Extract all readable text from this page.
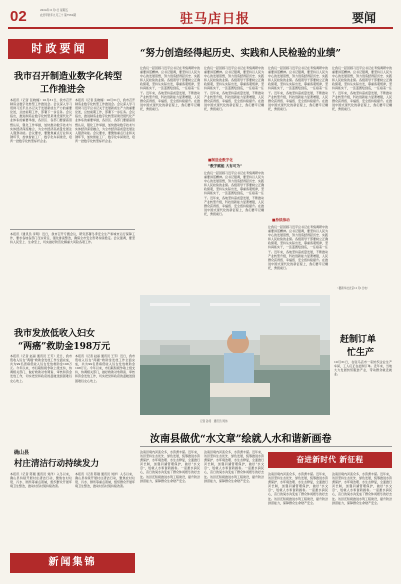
02	2024年11月1日 星期五
农历甲辰年九月三十 第7562期	驻马店日报	要闻
时 政 要 闻	“努力创造经得起历史、实践和人民检验的业绩”
我市召开制造业数字化转型
工作推进会
本报讯（记者 张晓楠）10月31日，我市召开制造业数字化转型工作推进会。会议深入学习贯彻习近平总书记关于发展新质生产力的重要论述，总结前期工作，部署下一步任务。会议指出，推进制造业数字化转型是建设现代化产业体系的重要举措，各县区、各部门要提高思想认识，强化工作举措，加快推动数字技术与实体经济深度融合，为全市经济高质量发展注入强劲动能。会议要求，要聚焦重点行业和关键环节，加快智能工厂、数字化车间建设，培育一批数字化转型标杆企业。
本报讯（记者 张晓楠）10月31日，我市召开制造业数字化转型工作推进会。会议深入学习贯彻习近平总书记关于发展新质生产力的重要论述，总结前期工作，部署下一步任务。会议指出，推进制造业数字化转型是建设现代化产业体系的重要举措，各县区、各部门要提高思想认识，强化工作举措，加快推动数字技术与实体经济深度融合，为全市经济高质量发展注入强劲动能。会议要求，要聚焦重点行业和关键环节，加快智能工厂、数字化车间建设，培育一批数字化转型标杆企业。
本报讯（通讯员 李明）近日，我市召开专题会议，研究部署冬季安全生产和城市运行保障工作，要求各地各部门压实责任，强化排查整治，确保全市安全形势持续稳定。会议强调，要坚持人民至上、生命至上，切实做好防范化解重大风险各项工作。
让我们一起回顾习近平总书记在考察调研中的重要讲话精神。总书记强调，要坚持以人民为中心的发展思想，努力创造经得起历史、实践和人民检验的业绩。各级领导干部要树立正确政绩观，坚持从实际出发，尊重客观规律，坚持真抓实干，一张蓝图绘到底，一任接着一任干。近年来，各地坚持高质量发展，不断推动产业转型升级，科技创新能力显著增强，人民群众获得感、幸福感、安全感持续提升。在推进中国式现代化的新征程上，我们要牢记嘱托，勇毅前行。
让我们一起回顾习近平总书记在考察调研中的重要讲话精神。总书记强调，要坚持以人民为中心的发展思想，努力创造经得起历史、实践和人民检验的业绩。各级领导干部要树立正确政绩观，坚持从实际出发，尊重客观规律，坚持真抓实干，一张蓝图绘到底，一任接着一任干。近年来，各地坚持高质量发展，不断推动产业转型升级，科技创新能力显著增强，人民群众获得感、幸福感、安全感持续提升。在推进中国式现代化的新征程上，我们要牢记嘱托，勇毅前行。
■制造业数字化
“数字赋能 大有可为”
让我们一起回顾习近平总书记在考察调研中的重要讲话精神。总书记强调，要坚持以人民为中心的发展思想，努力创造经得起历史、实践和人民检验的业绩。各级领导干部要树立正确政绩观，坚持从实际出发，尊重客观规律，坚持真抓实干，一张蓝图绘到底，一任接着一任干。近年来，各地坚持高质量发展，不断推动产业转型升级，科技创新能力显著增强，人民群众获得感、幸福感、安全感持续提升。在推进中国式现代化的新征程上，我们要牢记嘱托，勇毅前行。
让我们一起回顾习近平总书记在考察调研中的重要讲话精神。总书记强调，要坚持以人民为中心的发展思想，努力创造经得起历史、实践和人民检验的业绩。各级领导干部要树立正确政绩观，坚持从实际出发，尊重客观规律，坚持真抓实干，一张蓝图绘到底，一任接着一任干。近年来，各地坚持高质量发展，不断推动产业转型升级，科技创新能力显著增强，人民群众获得感、幸福感、安全感持续提升。在推进中国式现代化的新征程上，我们要牢记嘱托，勇毅前行。
■持续推动
让我们一起回顾习近平总书记在考察调研中的重要讲话精神。总书记强调，要坚持以人民为中心的发展思想，努力创造经得起历史、实践和人民检验的业绩。各级领导干部要树立正确政绩观，坚持从实际出发，尊重客观规律，坚持真抓实干，一张蓝图绘到底，一任接着一任干。近年来，各地坚持高质量发展，不断推动产业转型升级，科技创新能力显著增强，人民群众获得感、幸福感、安全感持续提升。在推进中国式现代化的新征程上，我们要牢记嘱托，勇毅前行。
让我们一起回顾习近平总书记在考察调研中的重要讲话精神。总书记强调，要坚持以人民为中心的发展思想，努力创造经得起历史、实践和人民检验的业绩。各级领导干部要树立正确政绩观，坚持从实际出发，尊重客观规律，坚持真抓实干，一张蓝图绘到底，一任接着一任干。近年来，各地坚持高质量发展，不断推动产业转型升级，科技创新能力显著增强，人民群众获得感、幸福感、安全感持续提升。在推进中国式现代化的新征程上，我们要牢记嘱托，勇毅前行。
（据新华社北京11月1日电）
赶制订单
忙生产
10月31日，在驻马店市一家纺织企业生产车间，工人们正在赶制订单。近年来，当地大力发展纺织服装产业，带动群众就近就业。
我市发放低收入妇女
“两癌”救助金198万元
本报讯（记者 赵丽 通讯员 王芳）近日，我市低收入妇女“两癌”救助金发放工作全面完成，共为99名患病低收入妇女发放救助金198万元。今年以来，市妇联积极争取上级支持，协调相关部门，做好救助对象筛查、审核和资金发放工作，切实把党和政府的温暖送到困难妇女心坎上。
本报讯（记者 赵丽 通讯员 王芳）近日，我市低收入妇女“两癌”救助金发放工作全面完成，共为99名患病低收入妇女发放救助金198万元。今年以来，市妇联积极争取上级支持，协调相关部门，做好救助对象筛查、审核和资金发放工作，切实把党和政府的温暖送到困难妇女心坎上。
确山县
村庄清洁行动持续发力
本报讯（记者 陈刚 通讯员 刘洋）入冬以来，确山县持续开展村庄清洁行动，聚焦农村垃圾、污水、厕所等重点领域，组织群众开展环境卫生整治，推动村容村貌持续改善。
本报讯（记者 陈刚 通讯员 刘洋）入冬以来，确山县持续开展村庄清洁行动，聚焦农村垃圾、污水、厕所等重点领域，组织群众开展环境卫生整治，推动村容村貌持续改善。
记者 孙涛　通讯员 周伟
汝南县做优“水文章”绘就人水和谐新画卷
汝南县境内河流众多，水资源丰富。近年来，该县坚持生态优先、绿色发展，统筹推进水资源保护、水环境治理、水生态修复，全面推行河长制，加强河湖管理保护，做好“水文章”，绘就人水和谐新画卷。一泓碧水润民心，昔日的臭水沟变成了群众休闲娱乐的好去处。该县还积极推进水利工程建设，提升防洪排涝能力，保障群众生命财产安全。
汝南县境内河流众多，水资源丰富。近年来，该县坚持生态优先、绿色发展，统筹推进水资源保护、水环境治理、水生态修复，全面推行河长制，加强河湖管理保护，做好“水文章”，绘就人水和谐新画卷。一泓碧水润民心，昔日的臭水沟变成了群众休闲娱乐的好去处。该县还积极推进水利工程建设，提升防洪排涝能力，保障群众生命财产安全。
奋进新时代 新征程
汝南县境内河流众多，水资源丰富。近年来，该县坚持生态优先、绿色发展，统筹推进水资源保护、水环境治理、水生态修复，全面推行河长制，加强河湖管理保护，做好“水文章”，绘就人水和谐新画卷。一泓碧水润民心，昔日的臭水沟变成了群众休闲娱乐的好去处。该县还积极推进水利工程建设，提升防洪排涝能力，保障群众生命财产安全。
汝南县境内河流众多，水资源丰富。近年来，该县坚持生态优先、绿色发展，统筹推进水资源保护、水环境治理、水生态修复，全面推行河长制，加强河湖管理保护，做好“水文章”，绘就人水和谐新画卷。一泓碧水润民心，昔日的臭水沟变成了群众休闲娱乐的好去处。该县还积极推进水利工程建设，提升防洪排涝能力，保障群众生命财产安全。
新闻集锦
